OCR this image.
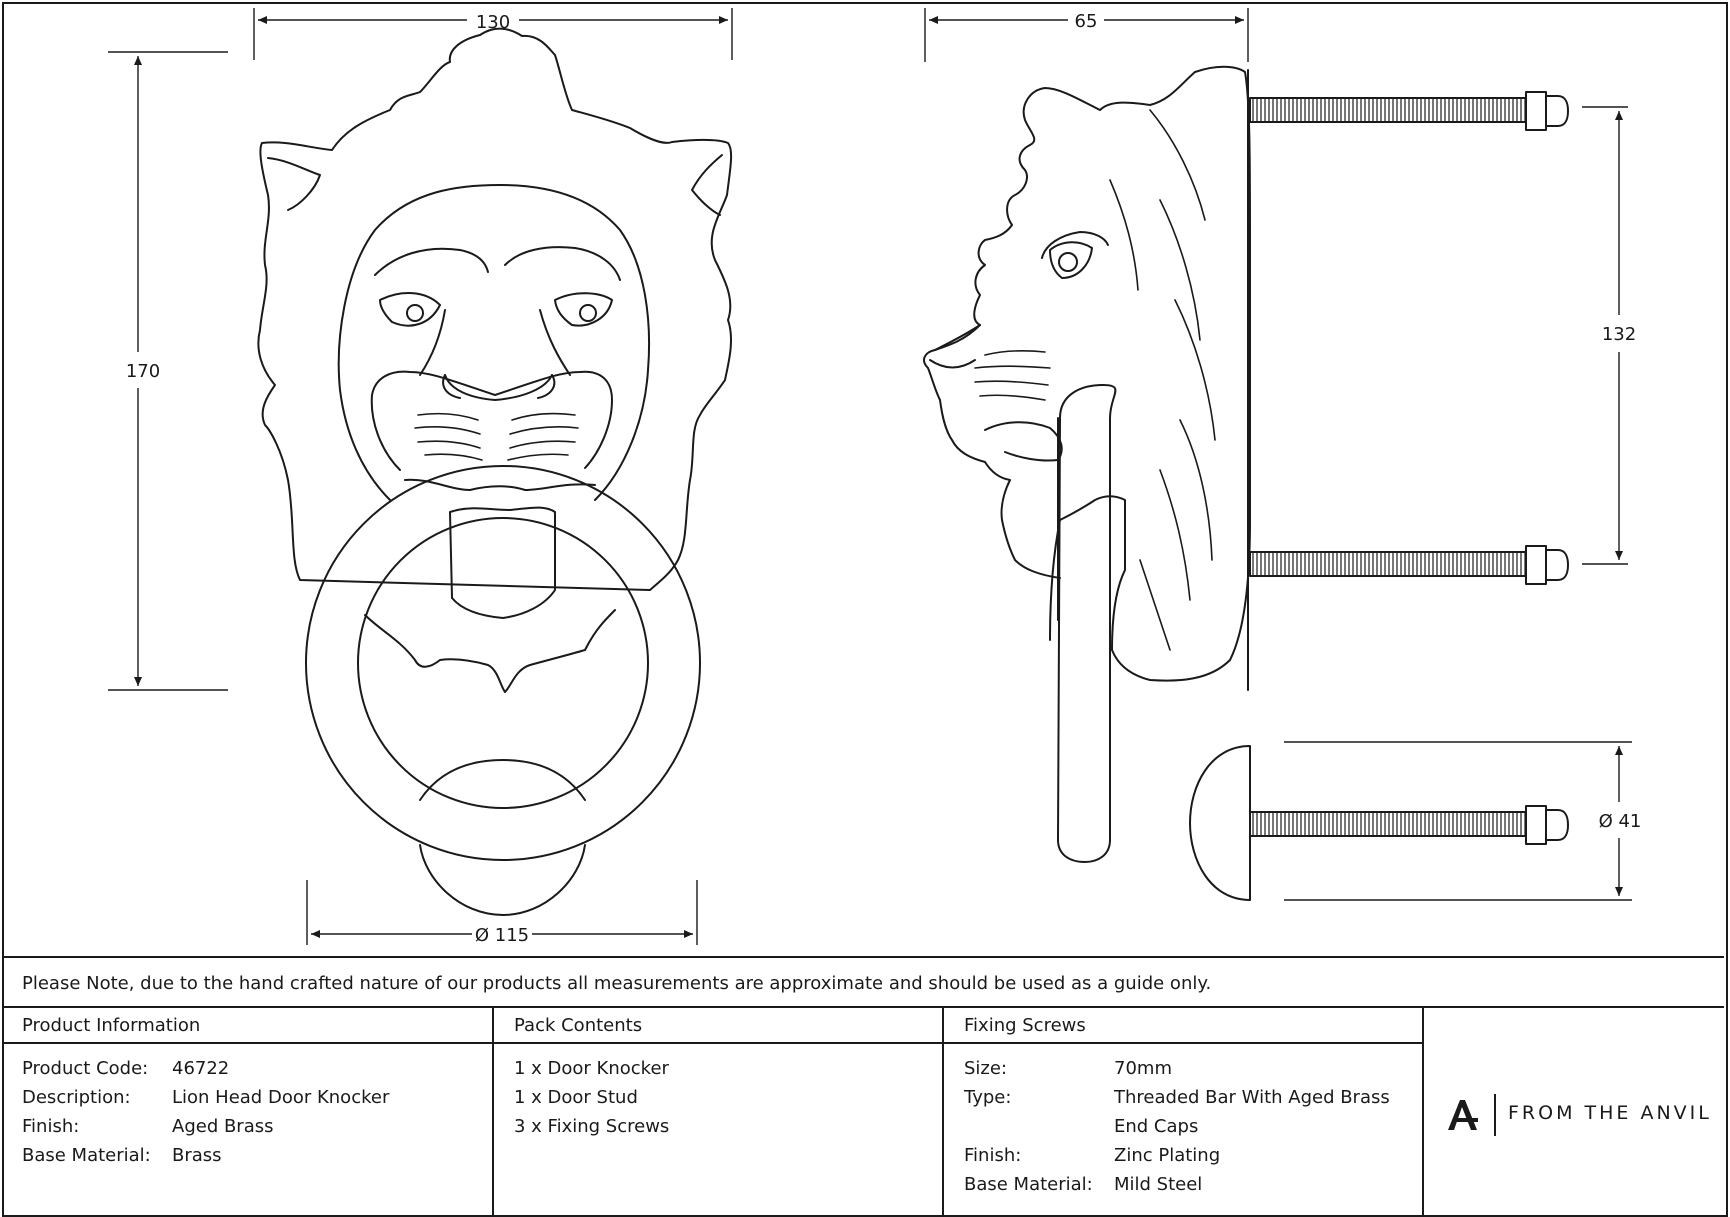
130
170
Ø 115
65
132
Ø 41
Please Note, due to the hand crafted nature of our products all measurements are approximate and should be used as a guide only.
Product Information
Product Code: 46722
Description: Lion Head Door Knocker
Finish:	Aged Brass
Base Material: Brass
Pack Contents
1 x Door Knocker
1 x Door Stud
3 x Fixing Screws
Fixing Screws
Size:	70mm
Type:	Threaded Bar With Aged Brass
End Caps
Finish:	Zinc Plating
Base Material: Mild Steel
FROM THE ANVIL
